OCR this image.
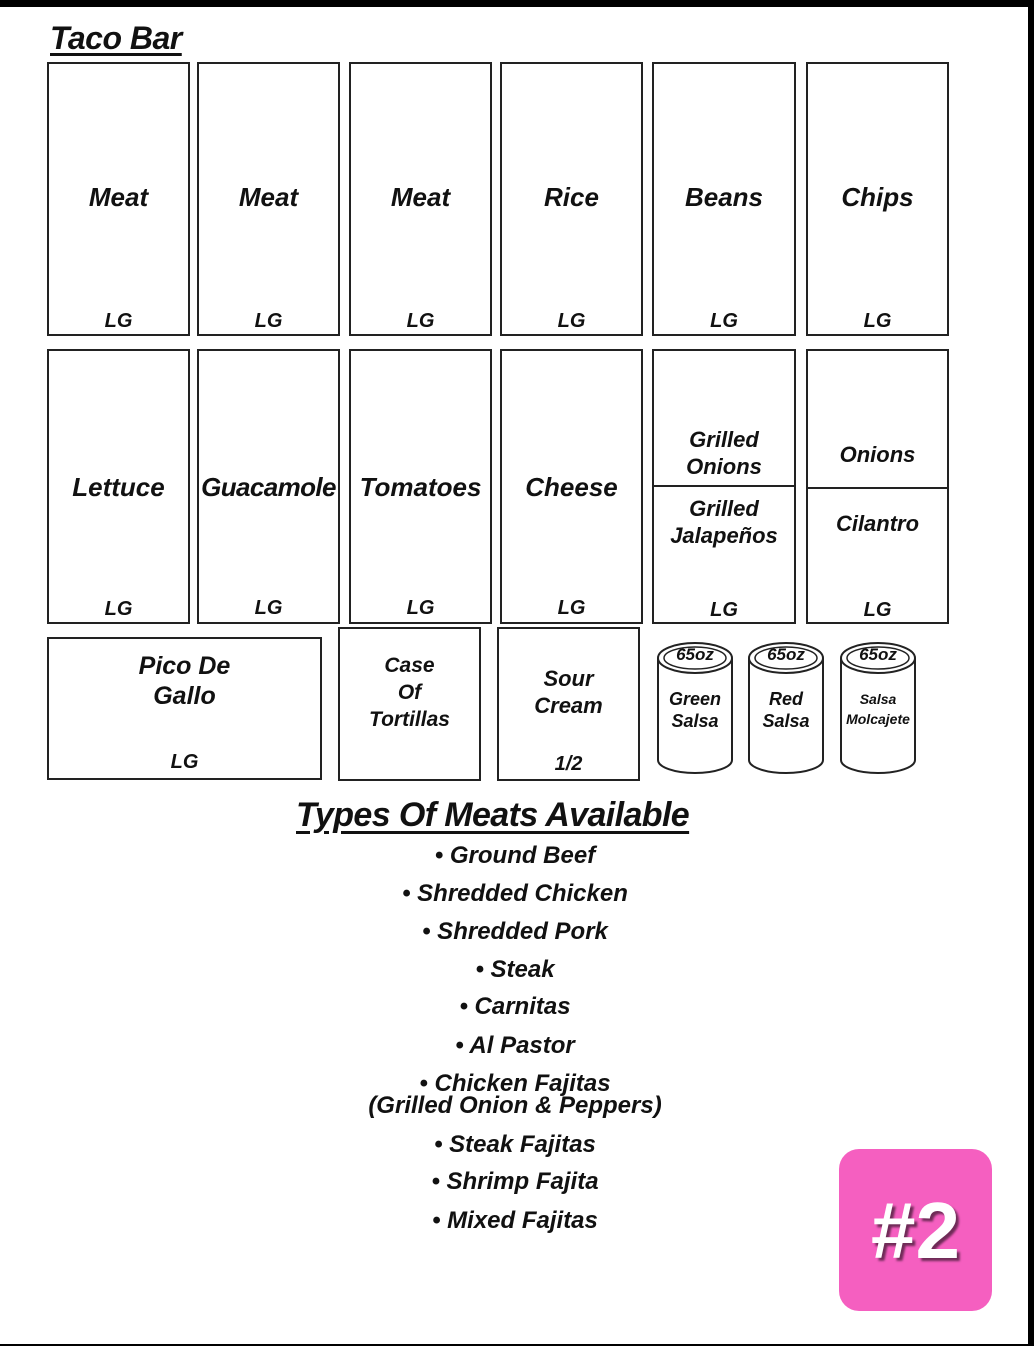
Taco Bar
Meat
LG
Meat
LG
Meat
LG
Rice
LG
Beans
LG
Chips
LG
Lettuce
LG
Guacamole
LG
Tomatoes
LG
Cheese
LG
Grilled
Onions
Grilled
Jalapeños
LG
Onions
Cilantro
LG
Pico De
Gallo
LG
Case
Of
Tortillas
Sour
Cream
1/2
65oz
Green
Salsa
65oz
Red
Salsa
65oz
Salsa
Molcajete
Types Of Meats Available
• Ground Beef
• Shredded Chicken
• Shredded Pork
• Steak
• Carnitas
• Al Pastor
• Chicken Fajitas
(Grilled Onion & Peppers)
• Steak Fajitas
• Shrimp Fajita
• Mixed Fajitas	#2
